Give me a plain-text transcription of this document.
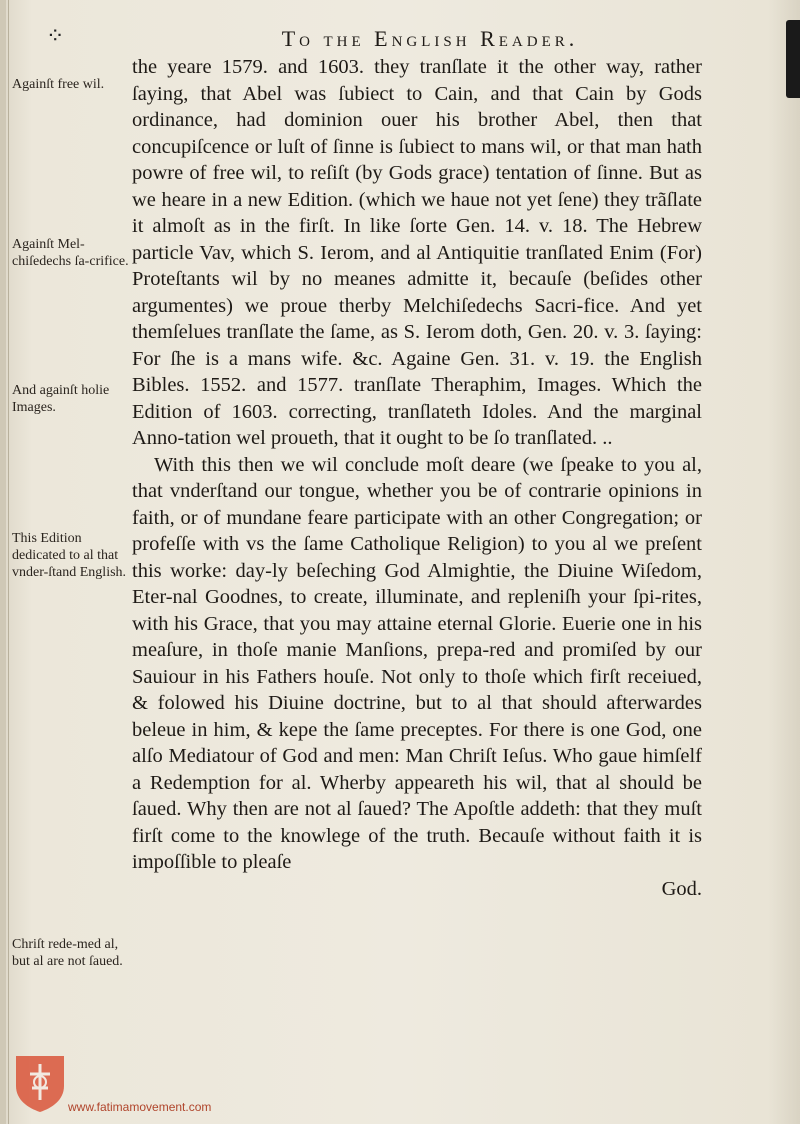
⁘	To the English Reader.
Againſt free wil.
Againſt Mel-chiſedechs ſa-crifice.
And againſt holie Images.
This Edition dedicated to al that vnder-ſtand English.
Chriſt rede-med al, but al are not ſaued.

the yeare 1579. and 1603. they tranſlate it the other way, rather ſaying, that Abel was ſubiect to Cain, and that Cain by Gods ordinance, had dominion ouer his brother Abel, then that concupiſcence or luſt of ſinne is ſubiect to mans wil, or that man hath powre of free wil, to reſiſt (by Gods grace) tentation of ſinne. But as we heare in a new Edition. (which we haue not yet ſene) they trãſlate it almoſt as in the firſt. In like ſorte Gen. 14. v. 18. The Hebrew particle Vav, which S. Ierom, and al Antiquitie tranſlated Enim (For) Proteſtants wil by no meanes admitte it, becauſe (beſides other argumentes) we proue therby Melchiſedechs Sacri-fice. And yet themſelues tranſlate the ſame, as S. Ierom doth, Gen. 20. v. 3. ſaying: For ſhe is a mans wife. &c. Againe Gen. 31. v. 19. the English Bibles. 1552. and 1577. tranſlate Theraphim, Images. Which the Edition of 1603. correcting, tranſlateth Idoles. And the marginal Anno-tation wel proueth, that it ought to be ſo tranſlated. ..

With this then we wil conclude moſt deare (we ſpeake to you al, that vnderſtand our tongue, whether you be of contrarie opinions in faith, or of mundane feare participate with an other Congregation; or profeſſe with vs the ſame Catholique Religion) to you al we preſent this worke: day-ly beſeching God Almightie, the Diuine Wiſedom, Eter-nal Goodnes, to create, illuminate, and repleniſh your ſpi-rites, with his Grace, that you may attaine eternal Glorie. Euerie one in his meaſure, in thoſe manie Manſions, prepa-red and promiſed by our Sauiour in his Fathers houſe. Not only to thoſe which firſt receiued, & folowed his Diuine doctrine, but to al that should afterwardes beleue in him, & kepe the ſame preceptes. For there is one God, one alſo Mediatour of God and men: Man Chriſt Ieſus. Who gaue himſelf a Redemption for al. Wherby appeareth his wil, that al should be ſaued. Why then are not al ſaued? The Apoſtle addeth: that they muſt firſt come to the knowlege of the truth. Becauſe without faith it is impoſſible to pleaſe

God.

www.fatimamovement.com
